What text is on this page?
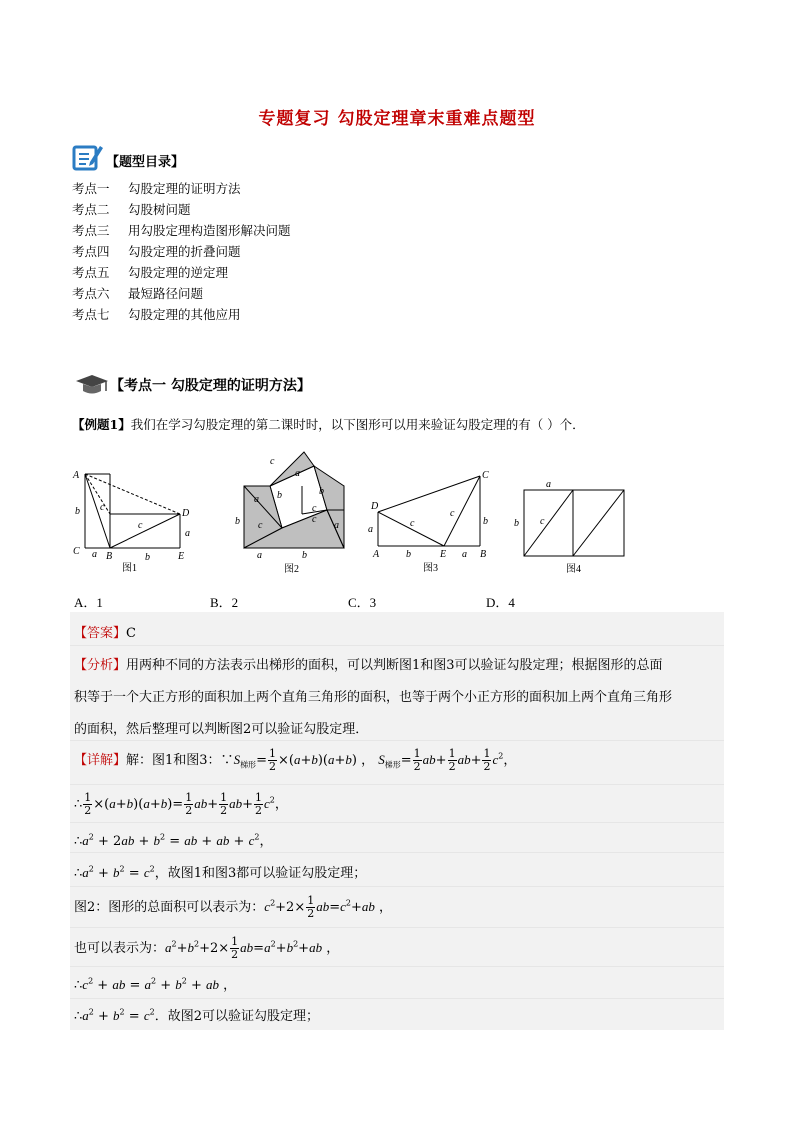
专题复习 勾股定理章末重难点题型
【题型目录】
考点一 勾股定理的证明方法
考点二 勾股树问题
考点三 用勾股定理构造图形解决问题
考点四 勾股定理的折叠问题
考点五 勾股定理的逆定理
考点六 最短路径问题
考点七 勾股定理的其他应用
【考点一 勾股定理的证明方法】
【例题1】我们在学习勾股定理的第二课时时，以下图形可以用来验证勾股定理的有（ ）个．
A
C	B
D
E
b c
a	b
c
a
图1
c
a
b
a
b c
c
c
b
a
a	b
图2
D
A	E	B
C
a
b
c
c
a
b
图3
a
b c
图4
A．1	B．2	C．3	D．4
【答案】C
【分析】用两种不同的方法表示出梯形的面积，可以判断图1和图3可以验证勾股定理；根据图形的总面
积等于一个大正方形的面积加上两个直角三角形的面积，也等于两个小正方形的面积加上两个直角三角形
的面积，然后整理可以判断图2可以验证勾股定理．
【详解】解：图1和图3：$\because S_{梯形}= \frac{1}{2} \times(a+b)(a+b)$ ， $S_{梯形}= \frac{1}{2} ab+ \frac{1}{2} ab+ \frac{1}{2} c^2$，
∴ $\frac{1}{2} \times(a+b)(a+b)= \frac{1}{2} ab+ \frac{1}{2} ab+ \frac{1}{2} c^2$，
$\therefore a^2 + 2ab + b^2$ = ab + ab + $c^2$，
$\therefore a^2 + b^2 = c^2$，故图1和图3都可以验证勾股定理；
图2：图形的总面积可以表示为：$c^2+2\times \frac{1}{2} ab=c^2+ab$ ，
也可以表示为：$a^2+b^2+2\times \frac{1}{2} ab=a^2+b^2+ab$ ，
$\therefore c^2$ + ab = $a^2 + b^2$ + ab ，
$\therefore a^2 + b^2 = c^2$．故图2可以验证勾股定理；
